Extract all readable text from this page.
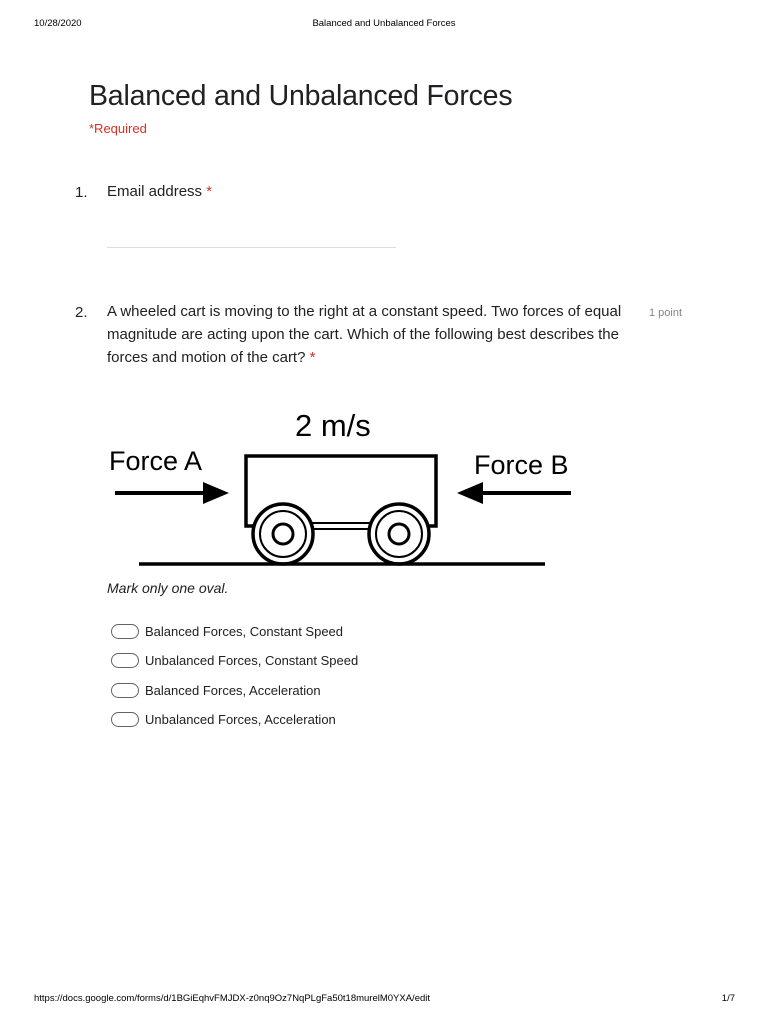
10/28/2020	Balanced and Unbalanced Forces
Balanced and Unbalanced Forces
*Required
1. Email address *
2. A wheeled cart is moving to the right at a constant speed. Two forces of equal
magnitude are acting upon the cart. Which of the following best describes the
forces and motion of the cart? *
1 point
2 m/s
Force A	Force B
Mark only one oval.
Balanced Forces, Constant Speed
Unbalanced Forces, Constant Speed
Balanced Forces, Acceleration
Unbalanced Forces, Acceleration
https://docs.google.com/forms/d/1BGiEqhvFMJDX-z0nq9Oz7NqPLgFa50t18murelM0YXA/edit	1/7
